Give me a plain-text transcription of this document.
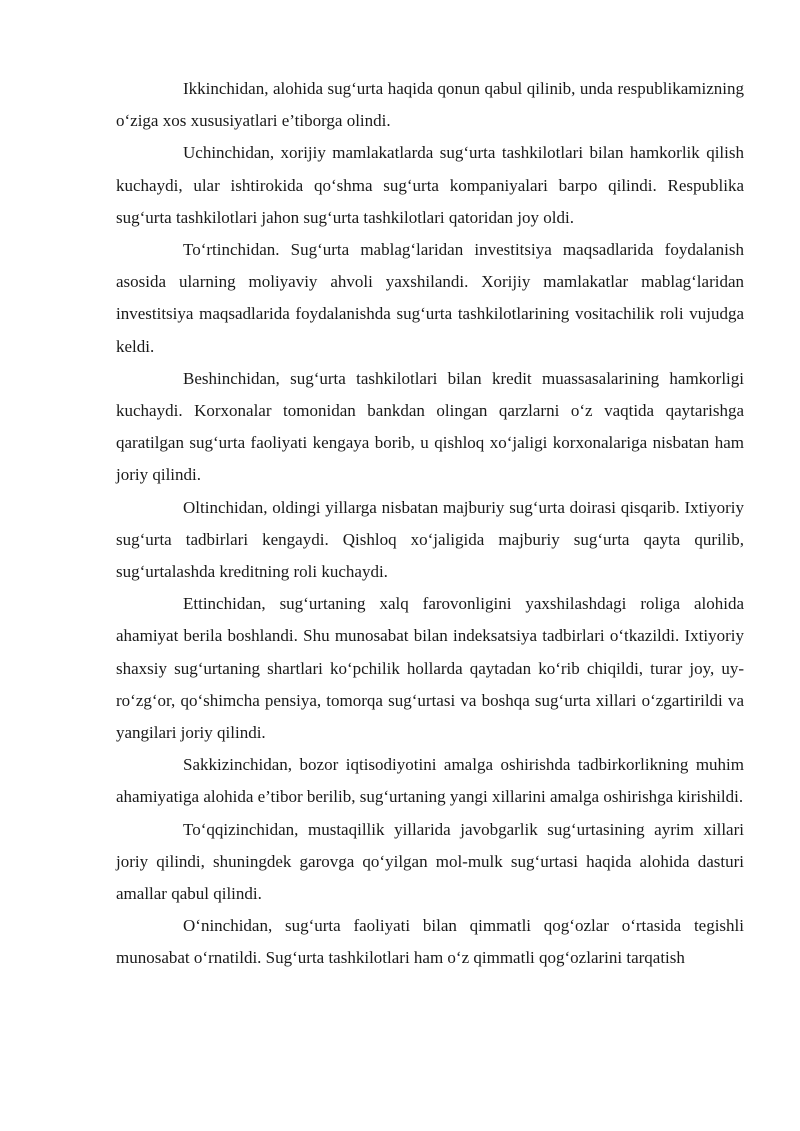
Ikkinchidan, alohida sug‘urta haqida qonun qabul qilinib, unda respublikamizning o‘ziga xos xususiyatlari e’tiborga olindi.

Uchinchidan, xorijiy mamlakatlarda sug‘urta tashkilotlari bilan hamkorlik qilish kuchaydi, ular ishtirokida qo‘shma sug‘urta kompaniyalari barpo qilindi. Respublika sug‘urta tashkilotlari jahon sug‘urta tashkilotlari qatoridan joy oldi.

To‘rtinchidan. Sug‘urta mablag‘laridan investitsiya maqsadlarida foydalanish asosida ularning moliyaviy ahvoli yaxshilandi. Xorijiy mamlakatlar mablag‘laridan investitsiya maqsadlarida foydalanishda sug‘urta tashkilotlarining vositachilik roli vujudga keldi.

Beshinchidan, sug‘urta tashkilotlari bilan kredit muassasalarining hamkorligi kuchaydi. Korxonalar tomonidan bankdan olingan qarzlarni o‘z vaqtida qaytarishga qaratilgan sug‘urta faoliyati kengaya borib, u qishloq xo‘jaligi korxonalariga nisbatan ham joriy qilindi.

Oltinchidan, oldingi yillarga nisbatan majburiy sug‘urta doirasi qisqarib. Ixtiyoriy sug‘urta tadbirlari kengaydi. Qishloq xo‘jaligida majburiy sug‘urta qayta qurilib, sug‘urtalashda kreditning roli kuchaydi.

Ettinchidan, sug‘urtaning xalq farovonligini yaxshilashdagi roliga alohida ahamiyat berila boshlandi. Shu munosabat bilan indeksatsiya tadbirlari o‘tkazildi. Ixtiyoriy shaxsiy sug‘urtaning shartlari ko‘pchilik hollarda qaytadan ko‘rib chiqildi, turar joy, uy-ro‘zg‘or, qo‘shimcha pensiya, tomorqa sug‘urtasi va boshqa sug‘urta xillari o‘zgartirildi va yangilari joriy qilindi.

Sakkizinchidan, bozor iqtisodiyotini amalga oshirishda tadbirkorlikning muhim ahamiyatiga alohida e’tibor berilib, sug‘urtaning yangi xillarini amalga oshirishga kirishildi.

To‘qqizinchidan, mustaqillik yillarida javobgarlik sug‘urtasining ayrim xillari joriy qilindi, shuningdek garovga qo‘yilgan mol-mulk sug‘urtasi haqida alohida dasturi amallar qabul qilindi.

O‘ninchidan, sug‘urta faoliyati bilan qimmatli qog‘ozlar o‘rtasida tegishli munosabat o‘rnatildi. Sug‘urta tashkilotlari ham o‘z qimmatli qog‘ozlarini tarqatish
